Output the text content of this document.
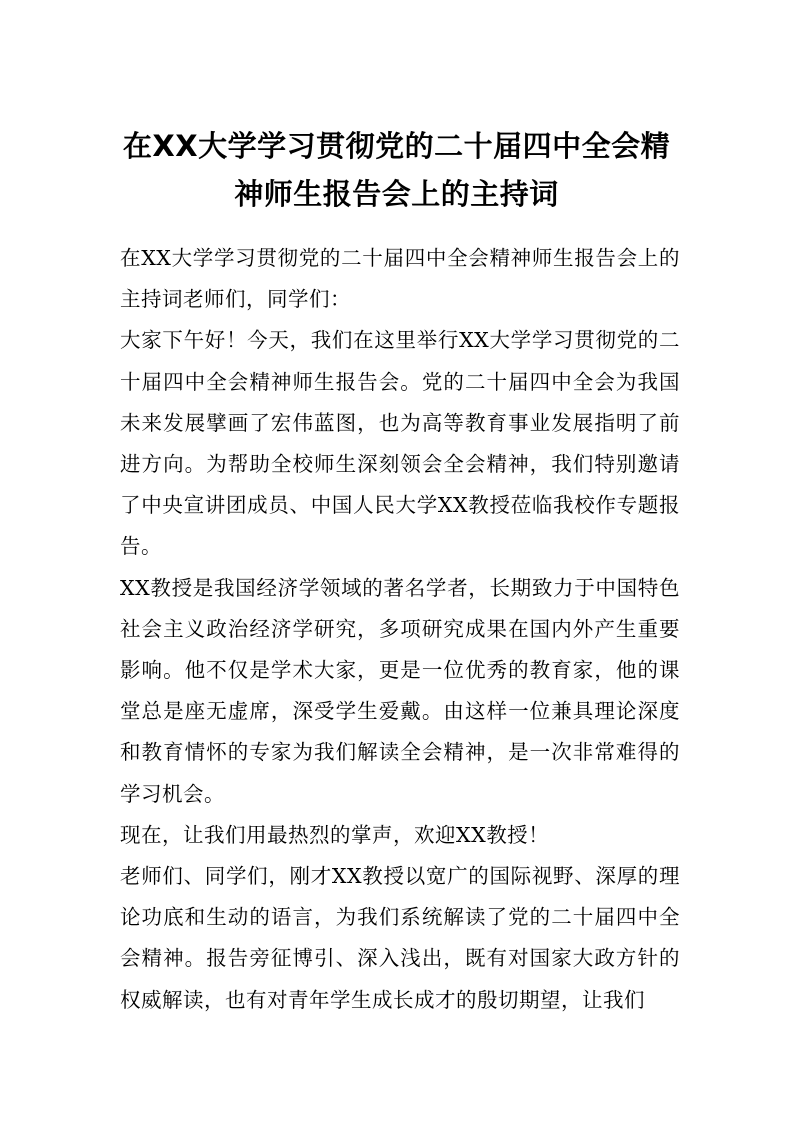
在XX大学学习贯彻党的二十届四中全会精神师生报告会上的主持词

在XX大学学习贯彻党的二十届四中全会精神师生报告会上的主持词老师们，同学们：

大家下午好！今天，我们在这里举行XX大学学习贯彻党的二十届四中全会精神师生报告会。党的二十届四中全会为我国未来发展擘画了宏伟蓝图，也为高等教育事业发展指明了前进方向。为帮助全校师生深刻领会全会精神，我们特别邀请了中央宣讲团成员、中国人民大学XX教授莅临我校作专题报告。

XX教授是我国经济学领域的著名学者，长期致力于中国特色社会主义政治经济学研究，多项研究成果在国内外产生重要影响。他不仅是学术大家，更是一位优秀的教育家，他的课堂总是座无虚席，深受学生爱戴。由这样一位兼具理论深度和教育情怀的专家为我们解读全会精神，是一次非常难得的学习机会。

现在，让我们用最热烈的掌声，欢迎XX教授！

老师们、同学们，刚才XX教授以宽广的国际视野、深厚的理论功底和生动的语言，为我们系统解读了党的二十届四中全会精神。报告旁征博引、深入浅出，既有对国家大政方针的权威解读，也有对青年学生成长成才的殷切期望，让我们
